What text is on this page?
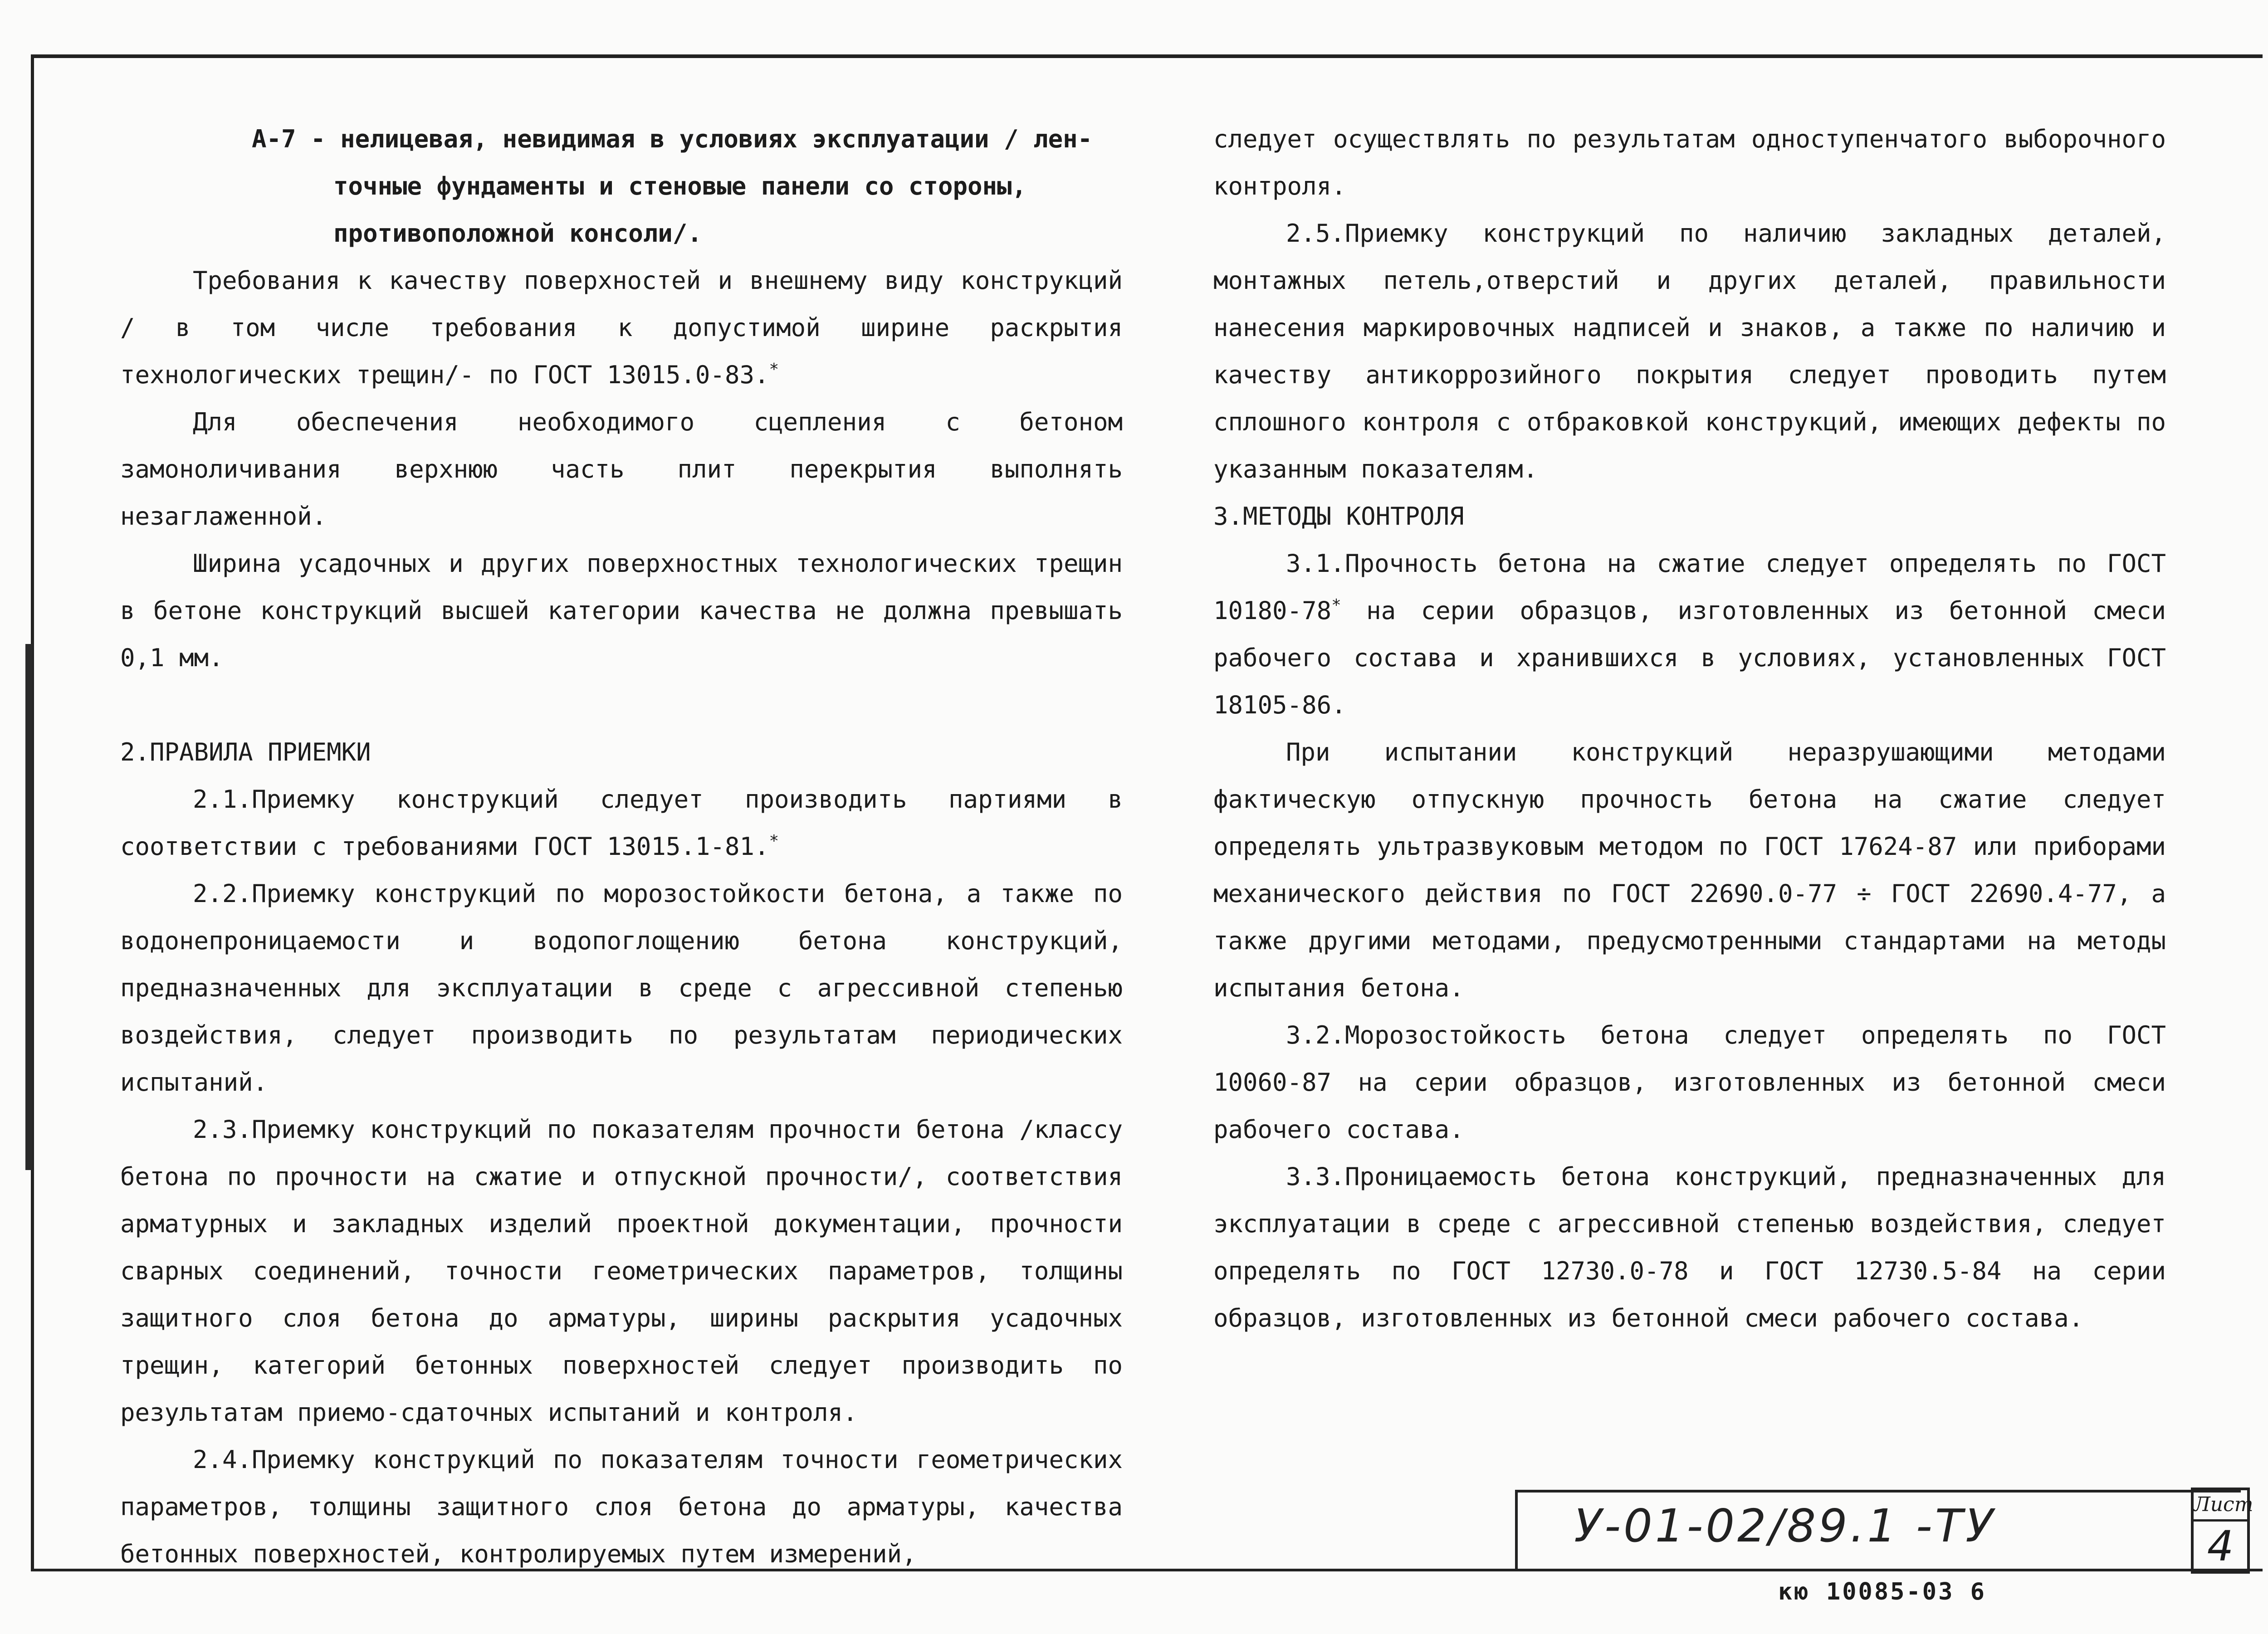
А-7 - нелицевая, невидимая в условиях эксплуатации / лен-

точные фундаменты и стеновые панели со стороны,

противоположной консоли/.

Требования к качеству поверхностей и внешнему виду конструкций / в том числе требования к допустимой ширине раскрытия технологических трещин/- по ГОСТ 13015.0-83.*

Для обеспечения необходимого сцепления с бетоном замоноличивания верхнюю часть плит перекрытия выполнять незаглаженной.

Ширина усадочных и других поверхностных технологических трещин в бетоне конструкций высшей категории качества не должна превышать 0,1 мм.

2.ПРАВИЛА ПРИЕМКИ

2.1.Приемку конструкций следует производить партиями в соответствии с требованиями ГОСТ 13015.1-81.*

2.2.Приемку конструкций по морозостойкости бетона, а также по водонепроницаемости и водопоглощению бетона конструкций, предназначенных для эксплуатации в среде с агрессивной степенью воздействия, следует производить по результатам периодических испытаний.

2.3.Приемку конструкций по показателям прочности бетона /классу бетона по прочности на сжатие и отпускной прочности/, соответствия арматурных и закладных изделий проектной документации, прочности сварных соединений, точности геометрических параметров, толщины защитного слоя бетона до арматуры, ширины раскрытия усадочных трещин, категорий бетонных поверхностей следует производить по результатам приемо-сдаточных испытаний и контроля.

2.4.Приемку конструкций по показателям точности геометрических параметров, толщины защитного слоя бетона до арматуры, качества бетонных поверхностей, контролируемых путем измерений,

следует осуществлять по результатам одноступенчатого выборочного контроля.

2.5.Приемку конструкций по наличию закладных деталей, монтажных петель,отверстий и других деталей, правильности нанесения маркировочных надписей и знаков, а также по наличию и качеству антикоррозийного покрытия следует проводить путем сплошного контроля с отбраковкой конструкций, имеющих дефекты по указанным показателям.

3.МЕТОДЫ КОНТРОЛЯ

3.1.Прочность бетона на сжатие следует определять по ГОСТ 10180-78* на серии образцов, изготовленных из бетонной смеси рабочего состава и хранившихся в условиях, установленных ГОСТ 18105-86.

При испытании конструкций неразрушающими методами фактическую отпускную прочность бетона на сжатие следует определять ультразвуковым методом по ГОСТ 17624-87 или приборами механического действия по ГОСТ 22690.0-77 ÷ ГОСТ 22690.4-77, а также другими методами, предусмотренными стандартами на методы испытания бетона.

3.2.Морозостойкость бетона следует определять по ГОСТ 10060-87 на серии образцов, изготовленных из бетонной смеси рабочего состава.

3.3.Проницаемость бетона конструкций, предназначенных для эксплуатации в среде с агрессивной степенью воздействия, следует определять по ГОСТ 12730.0-78 и ГОСТ 12730.5-84 на серии образцов, изготовленных из бетонной смеси рабочего состава.

У-01-02/89.1 -ТУ	Лист
4
кю 10085-03 6
